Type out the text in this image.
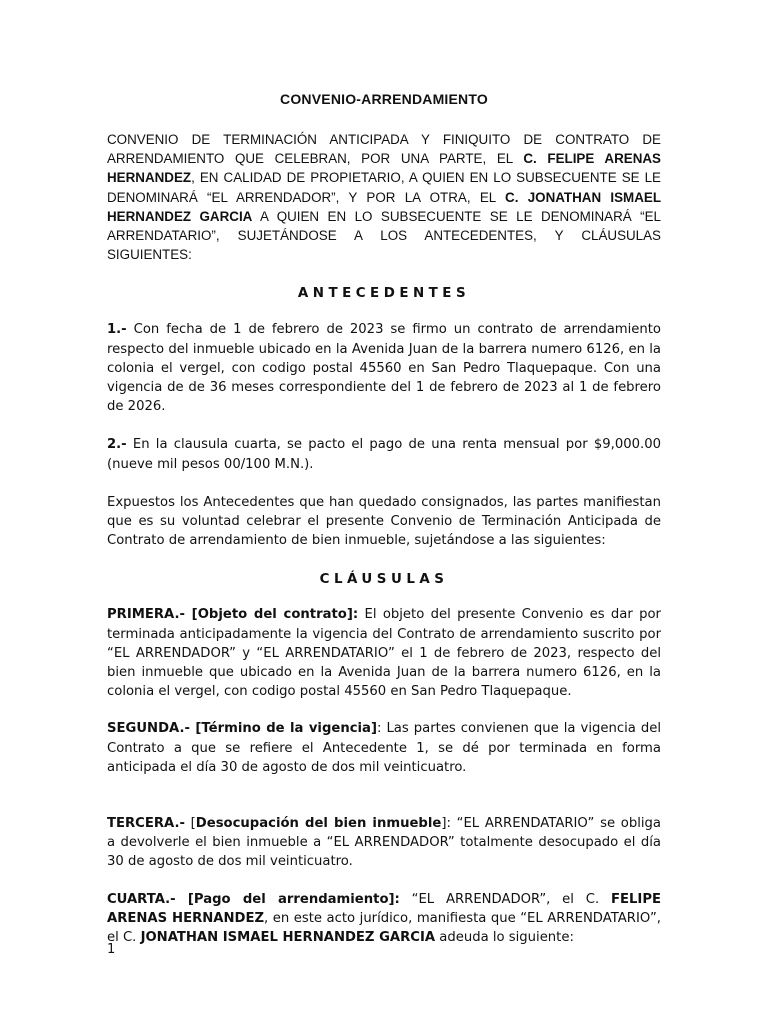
CONVENIO-ARRENDAMIENTO

CONVENIO DE TERMINACIÓN ANTICIPADA Y FINIQUITO DE CONTRATO DE ARRENDAMIENTO QUE CELEBRAN, POR UNA PARTE, EL C. FELIPE ARENAS HERNANDEZ, EN CALIDAD DE PROPIETARIO, A QUIEN EN LO SUBSECUENTE SE LE DENOMINARÁ “EL ARRENDADOR”, Y POR LA OTRA, EL C. JONATHAN ISMAEL HERNANDEZ GARCIA A QUIEN EN LO SUBSECUENTE SE LE DENOMINARÁ “EL ARRENDATARIO”, SUJETÁNDOSE A LOS ANTECEDENTES, Y CLÁUSULAS SIGUIENTES:

ANTECEDENTES

1.- Con fecha de 1 de febrero de 2023 se firmo un contrato de arrendamiento respecto del inmueble ubicado en la Avenida Juan de la barrera numero 6126, en la colonia el vergel, con codigo postal 45560 en San Pedro Tlaquepaque. Con una vigencia de de 36 meses correspondiente del 1 de febrero de 2023 al 1 de febrero de 2026.

2.- En la clausula cuarta, se pacto el pago de una renta mensual por $9,000.00 (nueve mil pesos 00/100 M.N.).

Expuestos los Antecedentes que han quedado consignados, las partes manifiestan que es su voluntad celebrar el presente Convenio de Terminación Anticipada de Contrato de arrendamiento de bien inmueble, sujetándose a las siguientes:

CLÁUSULAS

PRIMERA.- [Objeto del contrato]: El objeto del presente Convenio es dar por terminada anticipadamente la vigencia del Contrato de arrendamiento suscrito por “EL ARRENDADOR” y “EL ARRENDATARIO” el 1 de febrero de 2023, respecto del bien inmueble que ubicado en la Avenida Juan de la barrera numero 6126, en la colonia el vergel, con codigo postal 45560 en San Pedro Tlaquepaque.

SEGUNDA.- [Término de la vigencia]: Las partes convienen que la vigencia del Contrato a que se refiere el Antecedente 1, se dé por terminada en forma anticipada el día 30 de agosto de dos mil veinticuatro.

TERCERA.- [Desocupación del bien inmueble]: “EL ARRENDATARIO” se obliga a devolverle el bien inmueble a “EL ARRENDADOR” totalmente desocupado el día 30 de agosto de dos mil veinticuatro.

CUARTA.- [Pago del arrendamiento]: “EL ARRENDADOR”, el C. FELIPE ARENAS HERNANDEZ, en este acto jurídico, manifiesta que “EL ARRENDATARIO”, el C. JONATHAN ISMAEL HERNANDEZ GARCIA adeuda lo siguiente:

1
